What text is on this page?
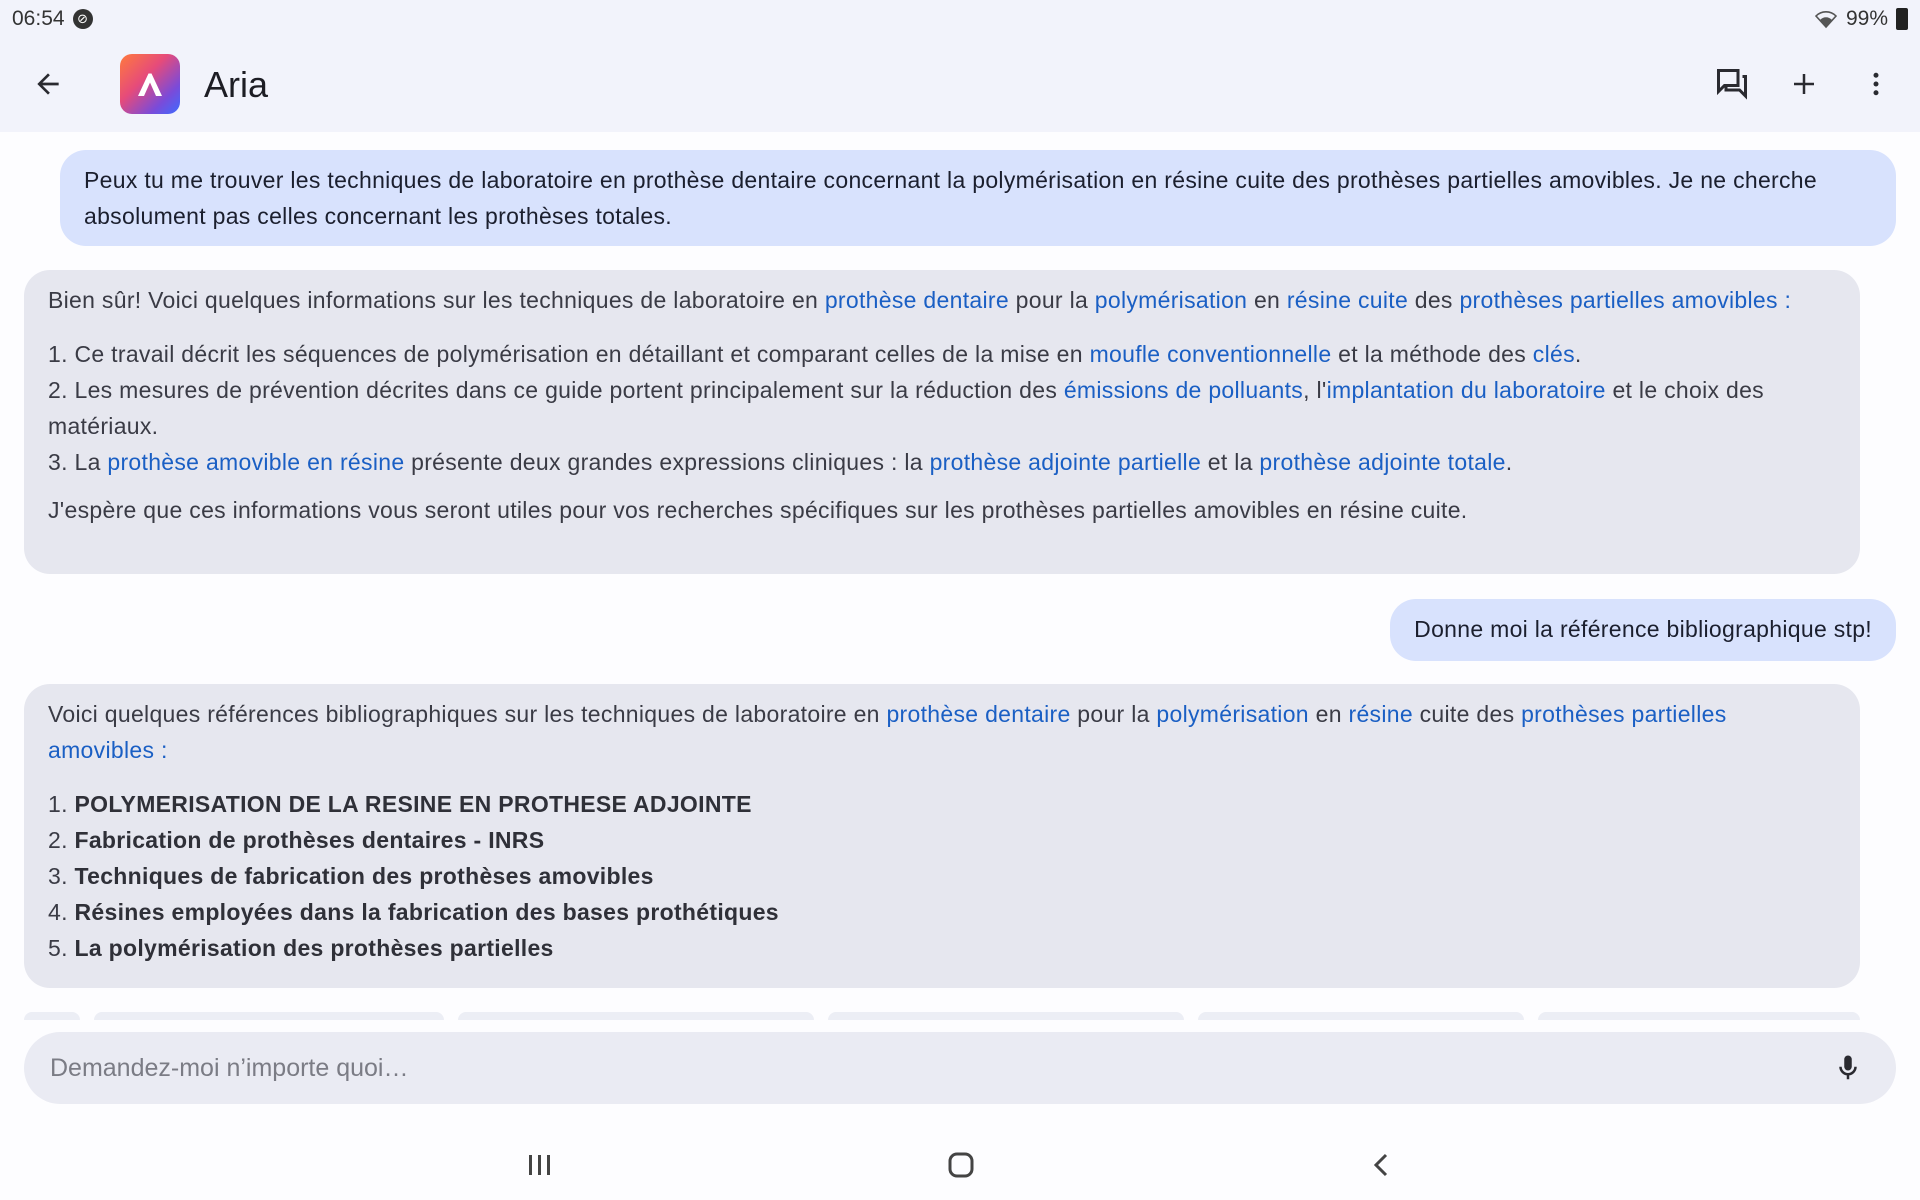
06:54 ⊘	99%
Aria
Peux tu me trouver les techniques de laboratoire en prothèse dentaire concernant la polymérisation en résine cuite des prothèses partielles amovibles. Je ne cherche absolument pas celles concernant les prothèses totales.
Bien sûr! Voici quelques informations sur les techniques de laboratoire en prothèse dentaire pour la polymérisation en résine cuite des prothèses partielles amovibles :
1. Ce travail décrit les séquences de polymérisation en détaillant et comparant celles de la mise en moufle conventionnelle et la méthode des clés.
2. Les mesures de prévention décrites dans ce guide portent principalement sur la réduction des émissions de polluants, l'implantation du laboratoire et le choix des matériaux.
3. La prothèse amovible en résine présente deux grandes expressions cliniques : la prothèse adjointe partielle et la prothèse adjointe totale.
J'espère que ces informations vous seront utiles pour vos recherches spécifiques sur les prothèses partielles amovibles en résine cuite.
Donne moi la référence bibliographique stp!
Voici quelques références bibliographiques sur les techniques de laboratoire en prothèse dentaire pour la polymérisation en résine cuite des prothèses partielles amovibles :
1. POLYMERISATION DE LA RESINE EN PROTHESE ADJOINTE
2. Fabrication de prothèses dentaires - INRS
3. Techniques de fabrication des prothèses amovibles
4. Résines employées dans la fabrication des bases prothétiques
5. La polymérisation des prothèses partielles
Demandez-moi n’importe quoi…
